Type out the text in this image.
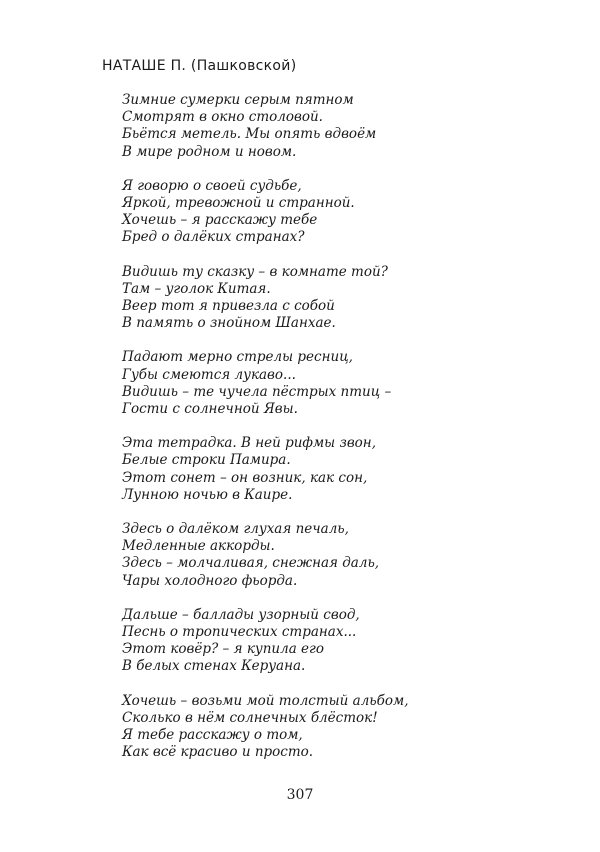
НАТАШЕ П. (Пашковской)
Зимние сумерки серым пятном
Смотрят в окно столовой.
Бьётся метель. Мы опять вдвоём
В мире родном и новом.
Я говорю о своей судьбе,
Яркой, тревожной и странной.
Хочешь – я расскажу тебе
Бред о далёких странах?
Видишь ту сказку – в комнате той?
Там – уголок Китая.
Веер тот я привезла с собой
В память о знойном Шанхае.
Падают мерно стрелы ресниц,
Губы смеются лукаво...
Видишь – те чучела пёстрых птиц –
Гости с солнечной Явы.
Эта тетрадка. В ней рифмы звон,
Белые строки Памира.
Этот сонет – он возник, как сон,
Лунною ночью в Каире.
Здесь о далёком глухая печаль,
Медленные аккорды.
Здесь – молчаливая, снежная даль,
Чары холодного фьорда.
Дальше – баллады узорный свод,
Песнь о тропических странах...
Этот ковёр? – я купила его
В белых стенах Керуана.
Хочешь – возьми мой толстый альбом,
Сколько в нём солнечных блёсток!
Я тебе расскажу о том,
Как всё красиво и просто.
307
